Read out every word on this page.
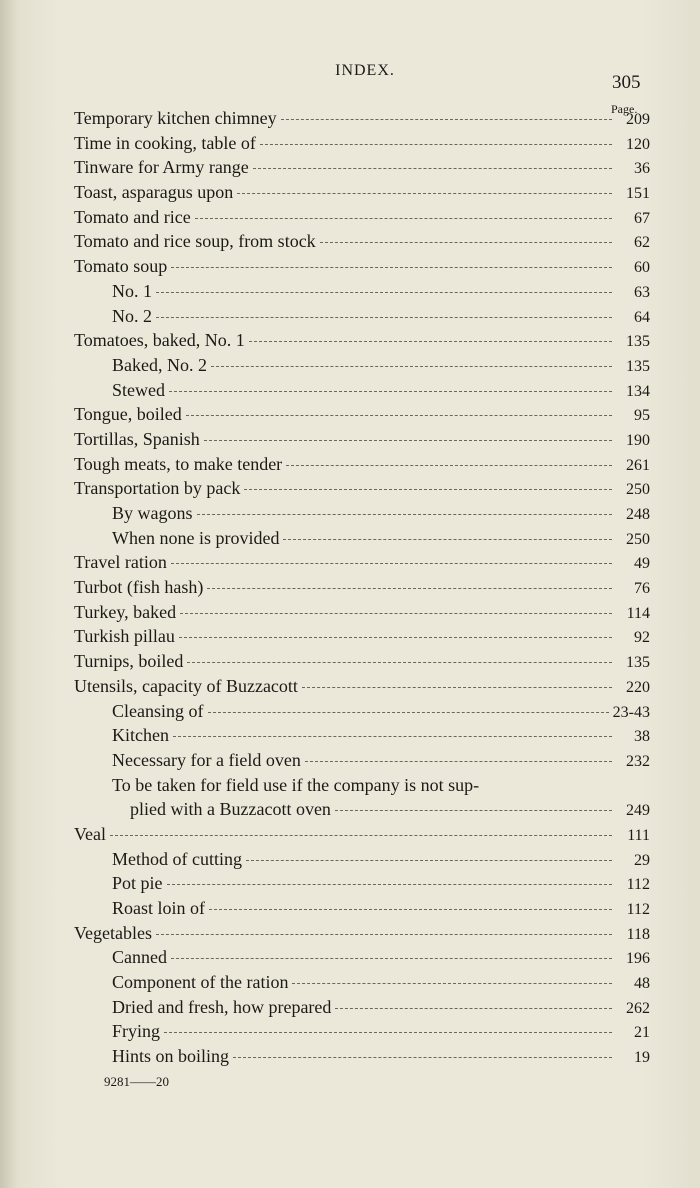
INDEX.
305
Page.
Temporary kitchen chimney	209
Time in cooking, table of	120
Tinware for Army range	36
Toast, asparagus upon	151
Tomato and rice	67
Tomato and rice soup, from stock	62
Tomato soup	60
No. 1	63
No. 2	64
Tomatoes, baked, No. 1	135
Baked, No. 2	135
Stewed	134
Tongue, boiled	95
Tortillas, Spanish	190
Tough meats, to make tender	261
Transportation by pack	250
By wagons	248
When none is provided	250
Travel ration	49
Turbot (fish hash)	76
Turkey, baked	114
Turkish pillau	92
Turnips, boiled	135
Utensils, capacity of Buzzacott	220
Cleansing of	23-43
Kitchen	38
Necessary for a field oven	232
To be taken for field use if the company is not sup-
plied with a Buzzacott oven	249
Veal	111
Method of cutting	29
Pot pie	112
Roast loin of	112
Vegetables	118
Canned	196
Component of the ration	48
Dried and fresh, how prepared	262
Frying	21
Hints on boiling	19
9281——20
